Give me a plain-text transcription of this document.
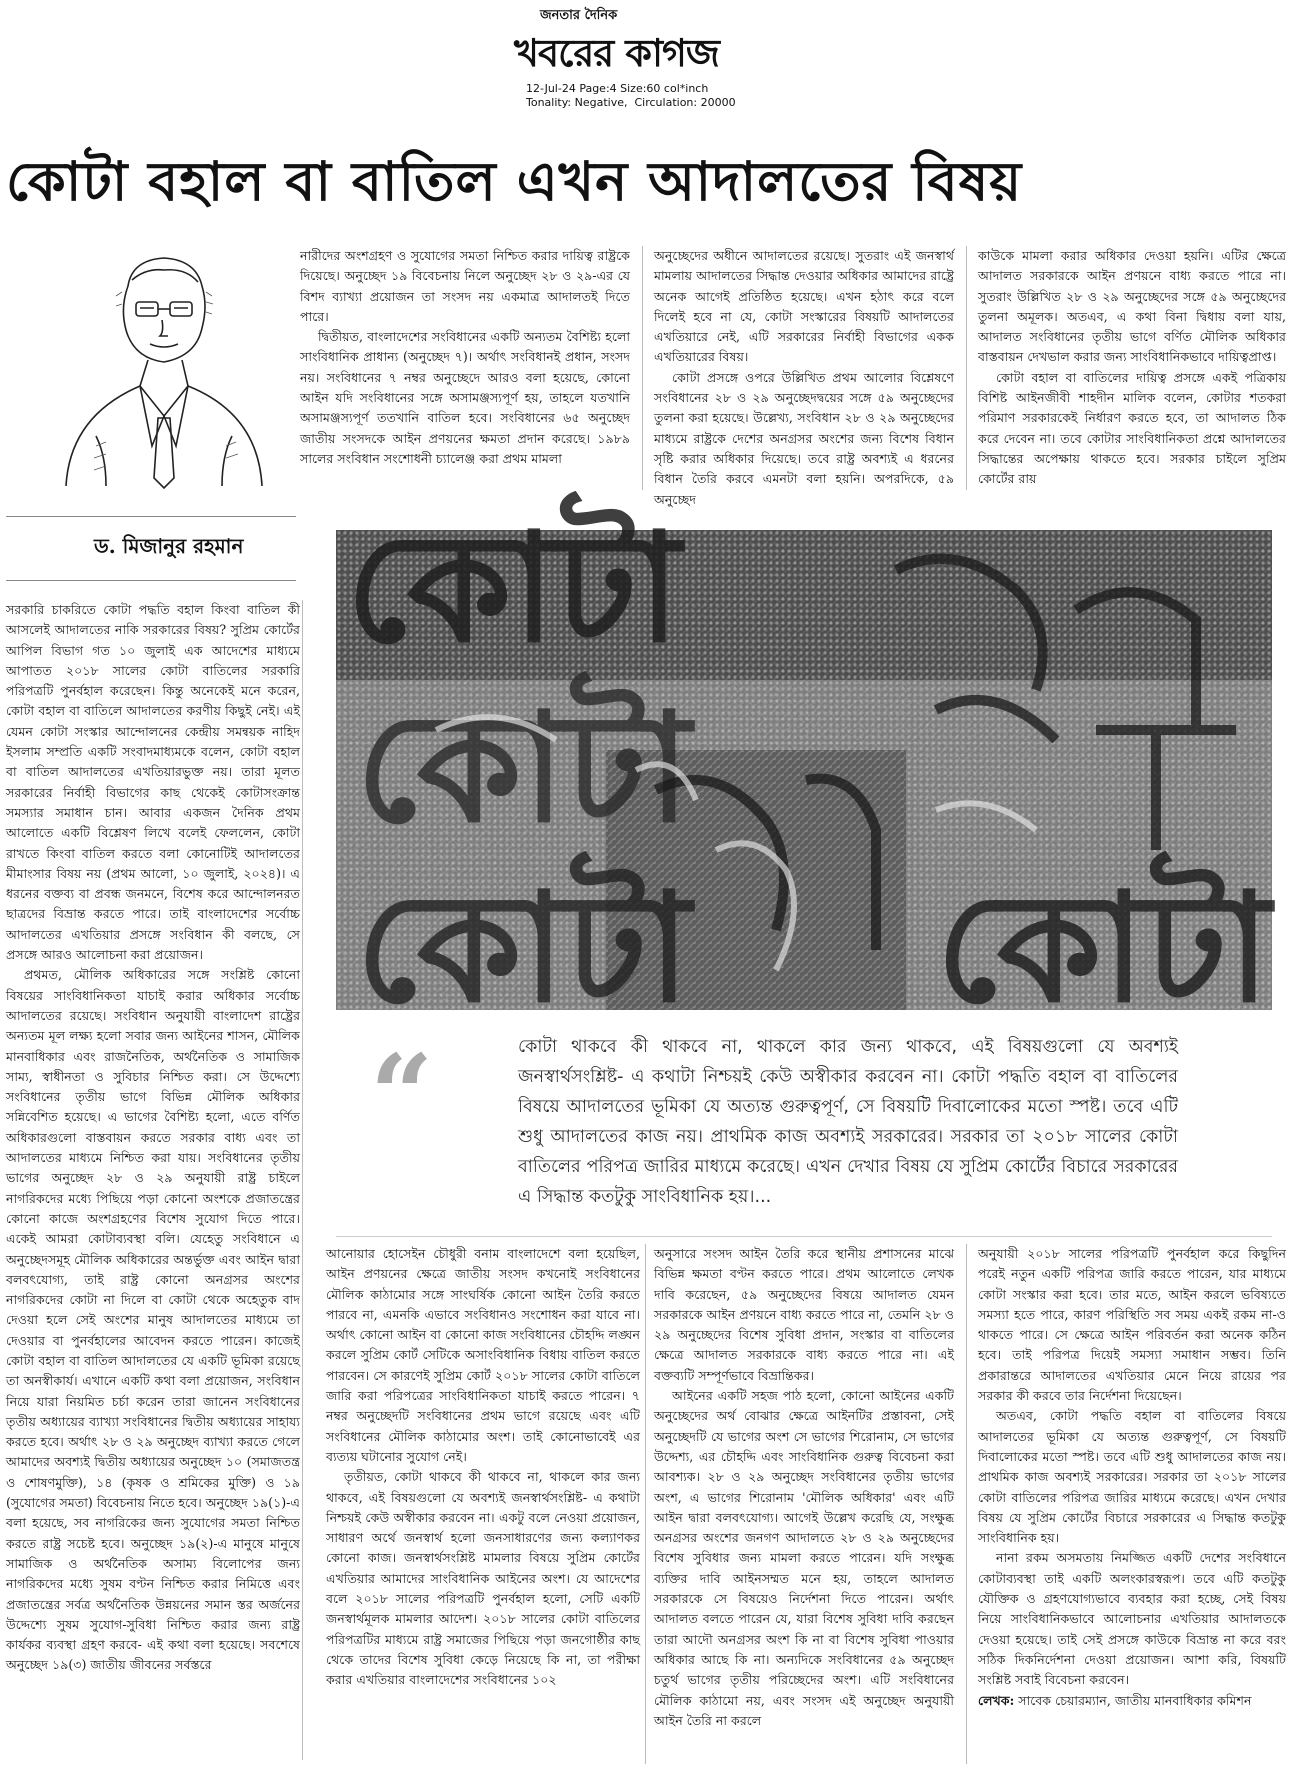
জনতার দৈনিক
খবরের কাগজ
12-Jul-24 Page:4 Size:60 col*inch
Tonality: Negative,  Circulation: 20000
কোটা বহাল বা বাতিল এখন আদালতের বিষয়
ড. মিজানুর রহমান

সরকারি চাকরিতে কোটা পদ্ধতি বহাল কিংবা বাতিল কী আসলেই আদালতের নাকি সরকারের বিষয়? সুপ্রিম কোর্টের আপিল বিভাগ গত ১০ জুলাই এক আদেশের মাধ্যমে আপাতত ২০১৮ সালের কোটা বাতিলের সরকারি পরিপত্রটি পুনর্বহাল করেছেন। কিন্তু অনেকেই মনে করেন, কোটা বহাল বা বাতিলে আদালতের করণীয় কিছুই নেই। এই যেমন কোটা সংস্কার আন্দোলনের কেন্দ্রীয় সমন্বয়ক নাহিদ ইসলাম সম্প্রতি একটি সংবাদমাধ্যমকে বলেন, কোটা বহাল বা বাতিল আদালতের এখতিয়ারভুক্ত নয়। তারা মূলত সরকারের নির্বাহী বিভাগের কাছ থেকেই কোটাসংক্রান্ত সমস্যার সমাধান চান। আবার একজন দৈনিক প্রথম আলোতে একটি বিশ্লেষণ লিখে বলেই ফেললেন, কোটা রাখতে কিংবা বাতিল করতে বলা কোনোটিই আদালতের মীমাংসার বিষয় নয় (প্রথম আলো, ১০ জুলাই, ২০২৪)। এ ধরনের বক্তব্য বা প্রবন্ধ জনমনে, বিশেষ করে আন্দোলনরত ছাত্রদের বিভ্রান্ত করতে পারে। তাই বাংলাদেশের সর্বোচ্চ আদালতের এখতিয়ার প্রসঙ্গে সংবিধান কী বলছে, সে প্রসঙ্গে আরও আলোচনা করা প্রয়োজন।

প্রথমত, মৌলিক অধিকারের সঙ্গে সংশ্লিষ্ট কোনো বিষয়ের সাংবিধানিকতা যাচাই করার অধিকার সর্বোচ্চ আদালতের রয়েছে। সংবিধান অনুযায়ী বাংলাদেশ রাষ্ট্রের অন্যতম মূল লক্ষ্য হলো সবার জন্য আইনের শাসন, মৌলিক মানবাধিকার এবং রাজনৈতিক, অর্থনৈতিক ও সামাজিক সাম্য, স্বাধীনতা ও সুবিচার নিশ্চিত করা। সে উদ্দেশ্যে সংবিধানের তৃতীয় ভাগে বিভিন্ন মৌলিক অধিকার সন্নিবেশিত হয়েছে। এ ভাগের বৈশিষ্ট্য হলো, এতে বর্ণিত অধিকারগুলো বাস্তবায়ন করতে সরকার বাধ্য এবং তা আদালতের মাধ্যমে নিশ্চিত করা যায়। সংবিধানের তৃতীয় ভাগের অনুচ্ছেদ ২৮ ও ২৯ অনুযায়ী রাষ্ট্র চাইলে নাগরিকদের মধ্যে পিছিয়ে পড়া কোনো অংশকে প্রজাতন্ত্রের কোনো কাজে অংশগ্রহণের বিশেষ সুযোগ দিতে পারে। একেই আমরা কোটাব্যবস্থা বলি। যেহেতু সংবিধানে এ অনুচ্ছেদসমূহ মৌলিক অধিকারের অন্তর্ভুক্ত এবং আইন দ্বারা বলবৎযোগ্য, তাই রাষ্ট্র কোনো অনগ্রসর অংশের নাগরিকদের কোটা না দিলে বা কোটা থেকে অহেতুক বাদ দেওয়া হলে সেই অংশের মানুষ আদালতের মাধ্যমে তা দেওয়ার বা পুনর্বহালের আবেদন করতে পারেন। কাজেই কোটা বহাল বা বাতিল আদালতের যে একটি ভূমিকা রয়েছে তা অনস্বীকার্য। এখানে একটি কথা বলা প্রয়োজন, সংবিধান নিয়ে যারা নিয়মিত চর্চা করেন তারা জানেন সংবিধানের তৃতীয় অধ্যায়ের ব্যাখ্যা সংবিধানের দ্বিতীয় অধ্যায়ের সাহায্য করতে হবে। অর্থাৎ ২৮ ও ২৯ অনুচ্ছেদ ব্যাখ্যা করতে গেলে আমাদের অবশ্যই দ্বিতীয় অধ্যায়ের অনুচ্ছেদ ১০ (সমাজতন্ত্র ও শোষণমুক্তি), ১৪ (কৃষক ও শ্রমিকের মুক্তি) ও ১৯ (সুযোগের সমতা) বিবেচনায় নিতে হবে। অনুচ্ছেদ ১৯(১)-এ বলা হয়েছে, সব নাগরিকের জন্য সুযোগের সমতা নিশ্চিত করতে রাষ্ট্র সচেষ্ট হবে। অনুচ্ছেদ ১৯(২)-এ মানুষে মানুষে সামাজিক ও অর্থনৈতিক অসাম্য বিলোপের জন্য নাগরিকদের মধ্যে সুষম বণ্টন নিশ্চিত করার নিমিত্তে এবং প্রজাতন্ত্রের সর্বত্র অর্থনৈতিক উন্নয়নের সমান স্তর অর্জনের উদ্দেশ্যে সুষম সুযোগ-সুবিধা নিশ্চিত করার জন্য রাষ্ট্র কার্যকর ব্যবস্থা গ্রহণ করবে- এই কথা বলা হয়েছে। সবশেষে অনুচ্ছেদ ১৯(৩) জাতীয় জীবনের সর্বস্তরে

নারীদের অংশগ্রহণ ও সুযোগের সমতা নিশ্চিত করার দায়িত্ব রাষ্ট্রকে দিয়েছে। অনুচ্ছেদ ১৯ বিবেচনায় নিলে অনুচ্ছেদ ২৮ ও ২৯-এর যে বিশদ ব্যাখ্যা প্রয়োজন তা সংসদ নয় একমাত্র আদালতই দিতে পারে।

দ্বিতীয়ত, বাংলাদেশের সংবিধানের একটি অন্যতম বৈশিষ্ট্য হলো সাংবিধানিক প্রাধান্য (অনুচ্ছেদ ৭)। অর্থাৎ সংবিধানই প্রধান, সংসদ নয়। সংবিধানের ৭ নম্বর অনুচ্ছেদে আরও বলা হয়েছে, কোনো আইন যদি সংবিধানের সঙ্গে অসামঞ্জস্যপূর্ণ হয়, তাহলে যতখানি অসামঞ্জস্যপূর্ণ ততখানি বাতিল হবে। সংবিধানের ৬৫ অনুচ্ছেদ জাতীয় সংসদকে আইন প্রণয়নের ক্ষমতা প্রদান করেছে। ১৯৮৯ সালের সংবিধান সংশোধনী চ্যালেঞ্জ করা প্রথম মামলা

অনুচ্ছেদের অধীনে আদালতের রয়েছে। সুতরাং এই জনস্বার্থ মামলায় আদালতের সিদ্ধান্ত দেওয়ার অধিকার আমাদের রাষ্ট্রে অনেক আগেই প্রতিষ্ঠিত হয়েছে। এখন হঠাৎ করে বলে দিলেই হবে না যে, কোটা সংস্কারের বিষয়টি আদালতের এখতিয়ারে নেই, এটি সরকারের নির্বাহী বিভাগের একক এখতিয়ারের বিষয়।

কোটা প্রসঙ্গে ওপরে উল্লিখিত প্রথম আলোর বিশ্লেষণে সংবিধানের ২৮ ও ২৯ অনুচ্ছেদদ্বয়ের সঙ্গে ৫৯ অনুচ্ছেদের তুলনা করা হয়েছে। উল্লেখ্য, সংবিধান ২৮ ও ২৯ অনুচ্ছেদের মাধ্যমে রাষ্ট্রকে দেশের অনগ্রসর অংশের জন্য বিশেষ বিধান সৃষ্টি করার অধিকার দিয়েছে। তবে রাষ্ট্র অবশ্যই এ ধরনের বিধান তৈরি করবে এমনটা বলা হয়নি। অপরদিকে, ৫৯ অনুচ্ছেদ

কাউকে মামলা করার অধিকার দেওয়া হয়নি। এটির ক্ষেত্রে আদালত সরকারকে আইন প্রণয়নে বাধ্য করতে পারে না। সুতরাং উল্লিখিত ২৮ ও ২৯ অনুচ্ছেদের সঙ্গে ৫৯ অনুচ্ছেদের তুলনা অমূলক। অতএব, এ কথা বিনা দ্বিধায় বলা যায়, আদালত সংবিধানের তৃতীয় ভাগে বর্ণিত মৌলিক অধিকার বাস্তবায়ন দেখভাল করার জন্য সাংবিধানিকভাবে দায়িত্বপ্রাপ্ত।

কোটা বহাল বা বাতিলের দায়িত্ব প্রসঙ্গে একই পত্রিকায় বিশিষ্ট আইনজীবী শাহদীন মালিক বলেন, কোটার শতকরা পরিমাণ সরকারকেই নির্ধারণ করতে হবে, তা আদালত ঠিক করে দেবেন না। তবে কোটার সাংবিধানিকতা প্রশ্নে আদালতের সিদ্ধান্তের অপেক্ষায় থাকতে হবে। সরকার চাইলে সুপ্রিম কোর্টের রায়

কোটা
কোটা
কোটা কোটা
“	কোটা থাকবে কী থাকবে না, থাকলে কার জন্য থাকবে, এই বিষয়গুলো যে অবশ্যই জনস্বার্থসংশ্লিষ্ট- এ কথাটা নিশ্চয়ই কেউ অস্বীকার করবেন না। কোটা পদ্ধতি বহাল বা বাতিলের বিষয়ে আদালতের ভূমিকা যে অত্যন্ত গুরুত্বপূর্ণ, সে বিষয়টি দিবালোকের মতো স্পষ্ট। তবে এটি শুধু আদালতের কাজ নয়। প্রাথমিক কাজ অবশ্যই সরকারের। সরকার তা ২০১৮ সালের কোটা বাতিলের পরিপত্র জারির মাধ্যমে করেছে। এখন দেখার বিষয় যে সুপ্রিম কোর্টের বিচারে সরকারের এ সিদ্ধান্ত কতটুকু সাংবিধানিক হয়।...

আনোয়ার হোসেইন চৌধুরী বনাম বাংলাদেশে বলা হয়েছিল, আইন প্রণয়নের ক্ষেত্রে জাতীয় সংসদ কখনোই সংবিধানের মৌলিক কাঠামোর সঙ্গে সাংঘর্ষিক কোনো আইন তৈরি করতে পারবে না, এমনকি এভাবে সংবিধানও সংশোধন করা যাবে না। অর্থাৎ কোনো আইন বা কোনো কাজ সংবিধানের চৌহদ্দি লঙ্ঘন করলে সুপ্রিম কোর্ট সেটিকে অসাংবিধানিক বিধায় বাতিল করতে পারবেন। সে কারণেই সুপ্রিম কোর্ট ২০১৮ সালের কোটা বাতিলে জারি করা পরিপত্রের সাংবিধানিকতা যাচাই করতে পারেন। ৭ নম্বর অনুচ্ছেদটি সংবিধানের প্রথম ভাগে রয়েছে এবং এটি সংবিধানের মৌলিক কাঠামোর অংশ। তাই কোনোভাবেই এর ব্যত্যয় ঘটানোর সুযোগ নেই।

তৃতীয়ত, কোটা থাকবে কী থাকবে না, থাকলে কার জন্য থাকবে, এই বিষয়গুলো যে অবশ্যই জনস্বার্থসংশ্লিষ্ট- এ কথাটা নিশ্চয়ই কেউ অস্বীকার করবেন না। একটু বলে নেওয়া প্রয়োজন, সাধারণ অর্থে জনস্বার্থ হলো জনসাধারণের জন্য কল্যাণকর কোনো কাজ। জনস্বার্থসংশ্লিষ্ট মামলার বিষয়ে সুপ্রিম কোর্টের এখতিয়ার আমাদের সাংবিধানিক আইনের অংশ। যে আদেশের বলে ২০১৮ সালের পরিপত্রটি পুনর্বহাল হলো, সেটি একটি জনস্বার্থমূলক মামলার আদেশ। ২০১৮ সালের কোটা বাতিলের পরিপত্রটির মাধ্যমে রাষ্ট্র সমাজের পিছিয়ে পড়া জনগোষ্ঠীর কাছ থেকে তাদের বিশেষ সুবিধা কেড়ে নিয়েছে কি না, তা পরীক্ষা করার এখতিয়ার বাংলাদেশের সংবিধানের ১০২

অনুসারে সংসদ আইন তৈরি করে স্থানীয় প্রশাসনের মাঝে বিভিন্ন ক্ষমতা বণ্টন করতে পারে। প্রথম আলোতে লেখক দাবি করেছেন, ৫৯ অনুচ্ছেদের বিষয়ে আদালত যেমন সরকারকে আইন প্রণয়নে বাধ্য করতে পারে না, তেমনি ২৮ ও ২৯ অনুচ্ছেদের বিশেষ সুবিধা প্রদান, সংস্কার বা বাতিলের ক্ষেত্রে আদালত সরকারকে বাধ্য করতে পারে না। এই বক্তব্যটি সম্পূর্ণভাবে বিভ্রান্তিকর।

আইনের একটি সহজ পাঠ হলো, কোনো আইনের একটি অনুচ্ছেদের অর্থ বোঝার ক্ষেত্রে আইনটির প্রস্তাবনা, সেই অনুচ্ছেদটি যে ভাগের অংশ সে ভাগের শিরোনাম, সে ভাগের উদ্দেশ্য, এর চৌহদ্দি এবং সাংবিধানিক গুরুত্ব বিবেচনা করা আবশ্যক। ২৮ ও ২৯ অনুচ্ছেদ সংবিধানের তৃতীয় ভাগের অংশ, এ ভাগের শিরোনাম 'মৌলিক অধিকার' এবং এটি আইন দ্বারা বলবৎযোগ্য। আগেই উল্লেখ করেছি যে, সংক্ষুব্ধ অনগ্রসর অংশের জনগণ আদালতে ২৮ ও ২৯ অনুচ্ছেদের বিশেষ সুবিধার জন্য মামলা করতে পারেন। যদি সংক্ষুব্ধ ব্যক্তির দাবি আইনসম্মত মনে হয়, তাহলে আদালত সরকারকে সে বিষয়েও নির্দেশনা দিতে পারেন। অর্থাৎ আদালত বলতে পারেন যে, যারা বিশেষ সুবিধা দাবি করছেন তারা আদৌ অনগ্রসর অংশ কি না বা বিশেষ সুবিধা পাওয়ার অধিকার আছে কি না। অন্যদিকে সংবিধানের ৫৯ অনুচ্ছেদ চতুর্থ ভাগের তৃতীয় পরিচ্ছেদের অংশ। এটি সংবিধানের মৌলিক কাঠামো নয়, এবং সংসদ এই অনুচ্ছেদ অনুযায়ী আইন তৈরি না করলে

অনুযায়ী ২০১৮ সালের পরিপত্রটি পুনর্বহাল করে কিছুদিন পরেই নতুন একটি পরিপত্র জারি করতে পারেন, যার মাধ্যমে কোটা সংস্কার করা হবে। তার মতে, আইন করলে ভবিষ্যতে সমস্যা হতে পারে, কারণ পরিস্থিতি সব সময় একই রকম না-ও থাকতে পারে। সে ক্ষেত্রে আইন পরিবর্তন করা অনেক কঠিন হবে। তাই পরিপত্র দিয়েই সমস্যা সমাধান সম্ভব। তিনি প্রকারান্তরে আদালতের এখতিয়ার মেনে নিয়ে রায়ের পর সরকার কী করবে তার নির্দেশনা দিয়েছেন।

অতএব, কোটা পদ্ধতি বহাল বা বাতিলের বিষয়ে আদালতের ভূমিকা যে অত্যন্ত গুরুত্বপূর্ণ, সে বিষয়টি দিবালোকের মতো স্পষ্ট। তবে এটি শুধু আদালতের কাজ নয়। প্রাথমিক কাজ অবশ্যই সরকারের। সরকার তা ২০১৮ সালের কোটা বাতিলের পরিপত্র জারির মাধ্যমে করেছে। এখন দেখার বিষয় যে সুপ্রিম কোর্টের বিচারে সরকারের এ সিদ্ধান্ত কতটুকু সাংবিধানিক হয়।

নানা রকম অসমতায় নিমজ্জিত একটি দেশের সংবিধানে কোটাব্যবস্থা তাই একটি অলংকারস্বরূপ। তবে এটি কতটুকু যৌক্তিক ও গ্রহণযোগ্যভাবে ব্যবহার করা হচ্ছে, সেই বিষয় নিয়ে সাংবিধানিকভাবে আলোচনার এখতিয়ার আদালতকে দেওয়া হয়েছে। তাই সেই প্রসঙ্গে কাউকে বিভ্রান্ত না করে বরং সঠিক দিকনির্দেশনা দেওয়া প্রয়োজন। আশা করি, বিষয়টি সংশ্লিষ্ট সবাই বিবেচনা করবেন।

লেখক: সাবেক চেয়ারম্যান, জাতীয় মানবাধিকার কমিশন
